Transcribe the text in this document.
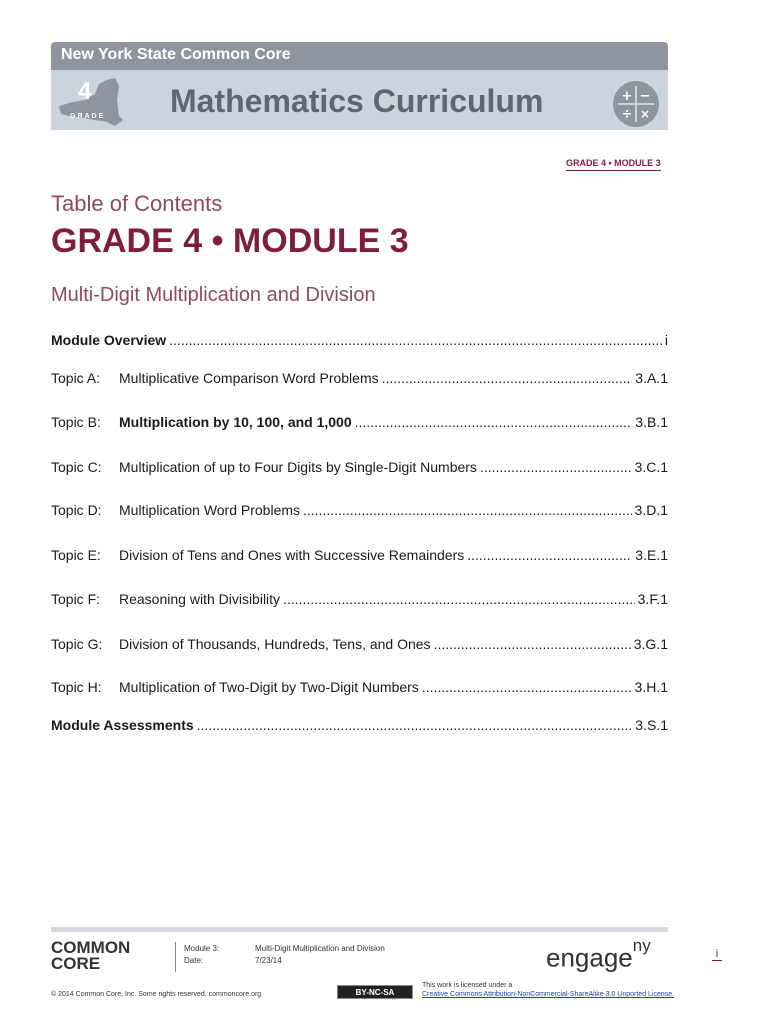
New York State Common Core
4
GRADE Mathematics Curriculum	+ −
÷ ×
GRADE 4 • MODULE 3
Table of Contents
GRADE 4 • MODULE 3
Multi-Digit Multiplication and Division
Module Overview .....	i
Topic A:	Multiplicative Comparison Word Problems .....	3.A.1
Topic B:	Multiplication by 10, 100, and 1,000 .....	3.B.1
Topic C:	Multiplication of up to Four Digits by Single-Digit Numbers .....	3.C.1
Topic D:	Multiplication Word Problems .....	3.D.1
Topic E:	Division of Tens and Ones with Successive Remainders .....	3.E.1
Topic F:	Reasoning with Divisibility .....	3.F.1
Topic G:	Division of Thousands, Hundreds, Tens, and Ones .....	3.G.1
Topic H:	Multiplication of Two-Digit by Two-Digit Numbers .....	3.H.1
Module Assessments .....	3.S.1
COMMON
CORE
Module 3:	Multi-Digit Multiplication and Division
Date:	7/23/14	engage$^{ny}$	i
© 2014 Common Core, Inc. Some rights reserved. commoncore.org	BY-NC-SA
This work is licensed under a
Creative Commons Attribution-NonCommercial-ShareAlike 3.0 Unported License.
